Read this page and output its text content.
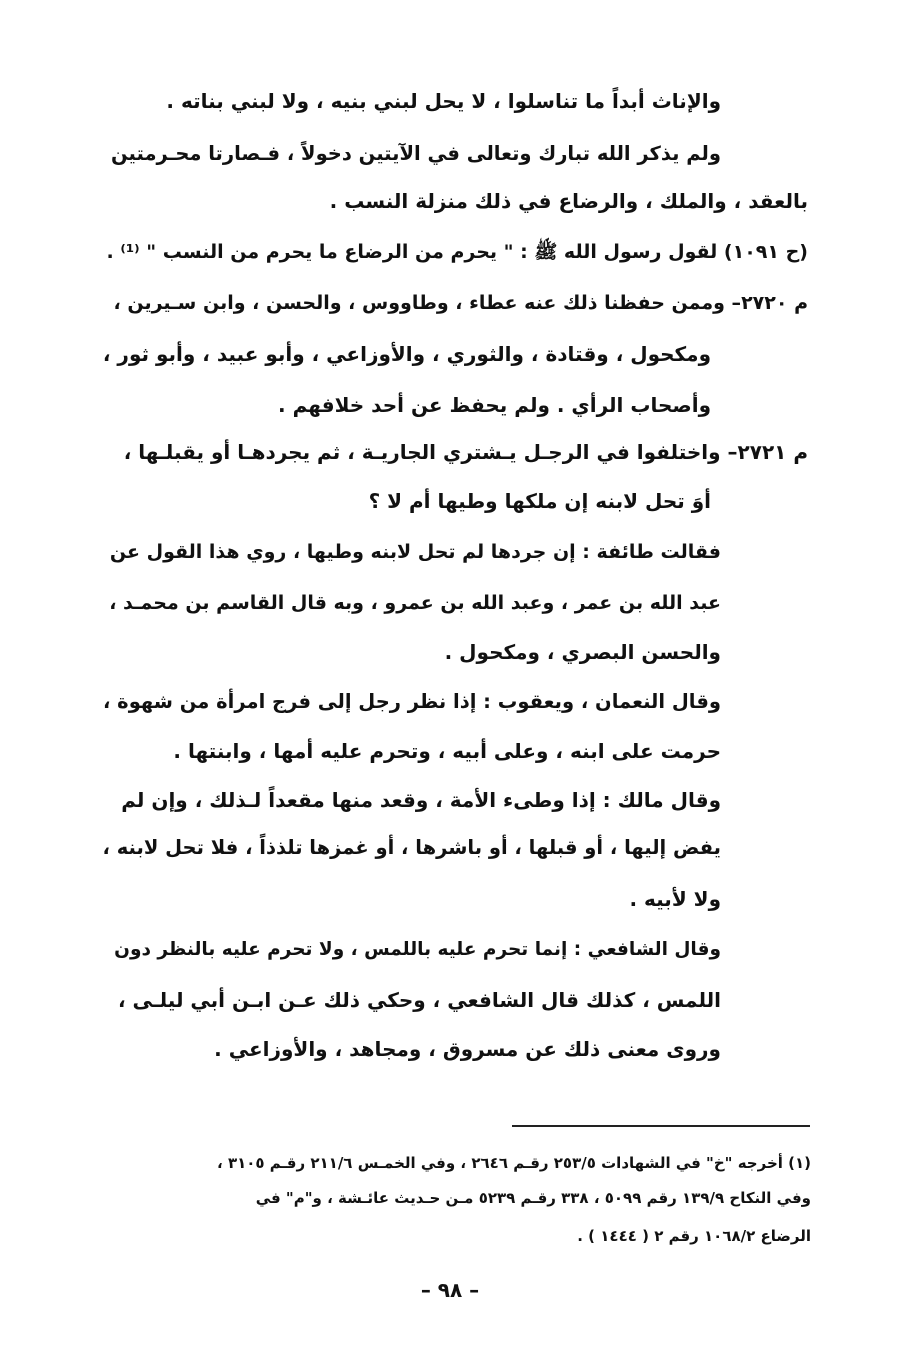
والإناث أبداً ما تناسلوا ، لا يحل لبني بنيه ، ولا لبني بناته .

ولم يذكر الله تبارك وتعالى في الآيتين دخولاً ، فـصارتا محـرمتين

بالعقد ، والملك ، والرضاع في ذلك منزلة النسب .

(ح ١٠٩١) لقول رسول الله ﷺ : " يحرم من الرضاع ما يحرم من النسب " ⁽¹⁾ .

م ٢٧٢٠– وممن حفظنا ذلك عنه عطاء ، وطاووس ، والحسن ، وابن سـيرين ،

ومكحول ، وقتادة ، والثوري ، والأوزاعي ، وأبو عبيد ، وأبو ثور ،

وأصحاب الرأي . ولم يحفظ عن أحد خلافهم .

م ٢٧٢١– واختلفوا في الرجـل يـشتري الجاريـة ، ثم يجردهـا أو يقبلـها ،

أوَ تحل لابنه إن ملكها وطيها أم لا ؟

فقالت طائفة : إن جردها لم تحل لابنه وطيها ، روي هذا القول عن

عبد الله بن عمر ، وعبد الله بن عمرو ، وبه قال القاسم بن محمـد ،

والحسن البصري ، ومكحول .

وقال النعمان ، ويعقوب : إذا نظر رجل إلى فرج امرأة من شهوة ،

حرمت على ابنه ، وعلى أبيه ، وتحرم عليه أمها ، وابنتها .

وقال مالك : إذا وطىء الأمة ، وقعد منها مقعداً لـذلك ، وإن لم

يفض إليها ، أو قبلها ، أو باشرها ، أو غمزها تلذذاً ، فلا تحل لابنه ،

ولا لأبيه .

وقال الشافعي : إنما تحرم عليه باللمس ، ولا تحرم عليه بالنظر دون

اللمس ، كذلك قال الشافعي ، وحكي ذلك عـن ابـن أبي ليلـى ،

وروى معنى ذلك عن مسروق ، ومجاهد ، والأوزاعي .

(١) أخرجه "خ" في الشهادات ٢٥٣/٥ رقـم ٢٦٤٦ ، وفي الخمـس ٢١١/٦ رقـم ٣١٠٥ ،

وفي النكاح ١٣٩/٩ رقم ٥٠٩٩ ، ٣٣٨ رقـم ٥٢٣٩ مـن حـديث عائـشة ، و"م" في

الرضاع ١٠٦٨/٢ رقم ٢ ( ١٤٤٤ ) .

– ٩٨ –
